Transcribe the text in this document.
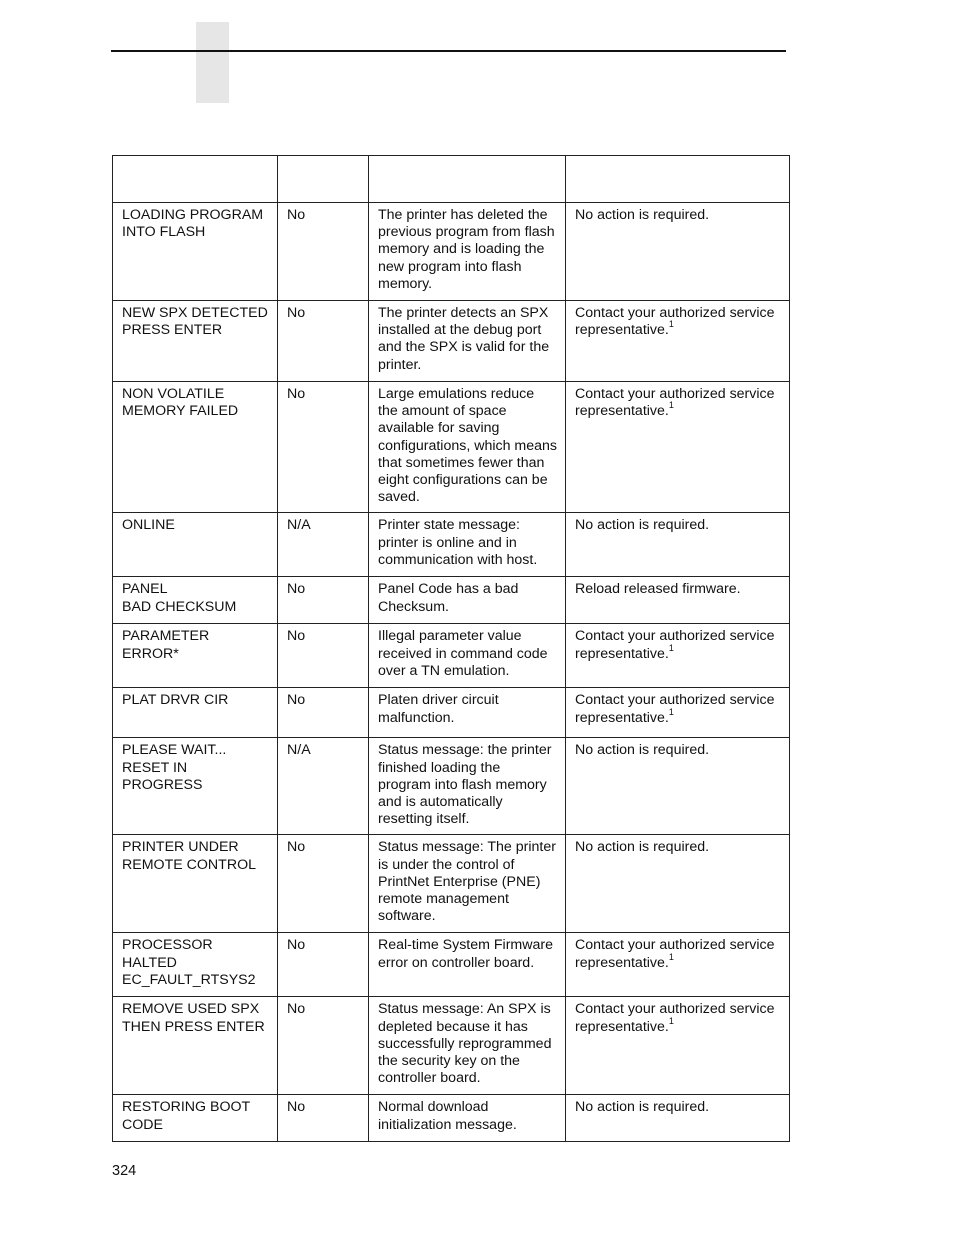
LOADING PROGRAM
INTO FLASH	No	The printer has deleted the previous program from flash memory and is loading the new program into flash memory.	No action is required.
NEW SPX DETECTED
PRESS ENTER	No	The printer detects an SPX installed at the debug port and the SPX is valid for the printer.	Contact your authorized service representative.$^1$
NON VOLATILE
MEMORY FAILED	No	Large emulations reduce the amount of space available for saving configurations, which means that sometimes fewer than eight configurations can be saved.	Contact your authorized service representative.$^1$
ONLINE	N/A	Printer state message: printer is online and in communication with host.	No action is required.
PANEL
BAD CHECKSUM	No	Panel Code has a bad Checksum.	Reload released firmware.
PARAMETER ERROR*	No	Illegal parameter value received in command code over a TN emulation.	Contact your authorized service representative.$^1$
PLAT DRVR CIR	No	Platen driver circuit malfunction.	Contact your authorized service representative.$^1$
PLEASE WAIT...
RESET IN
PROGRESS	N/A	Status message: the printer finished loading the program into flash memory and is automatically resetting itself.	No action is required.
PRINTER UNDER
REMOTE CONTROL	No	Status message: The printer is under the control of PrintNet Enterprise (PNE) remote management software.	No action is required.
PROCESSOR
HALTED
EC_FAULT_RTSYS2	No	Real-time System Firmware error on controller board.	Contact your authorized service representative.$^1$
REMOVE USED SPX
THEN PRESS ENTER	No	Status message: An SPX is depleted because it has successfully reprogrammed the security key on the controller board.	Contact your authorized service representative.$^1$
RESTORING BOOT
CODE	No	Normal download initialization message.	No action is required.
324
